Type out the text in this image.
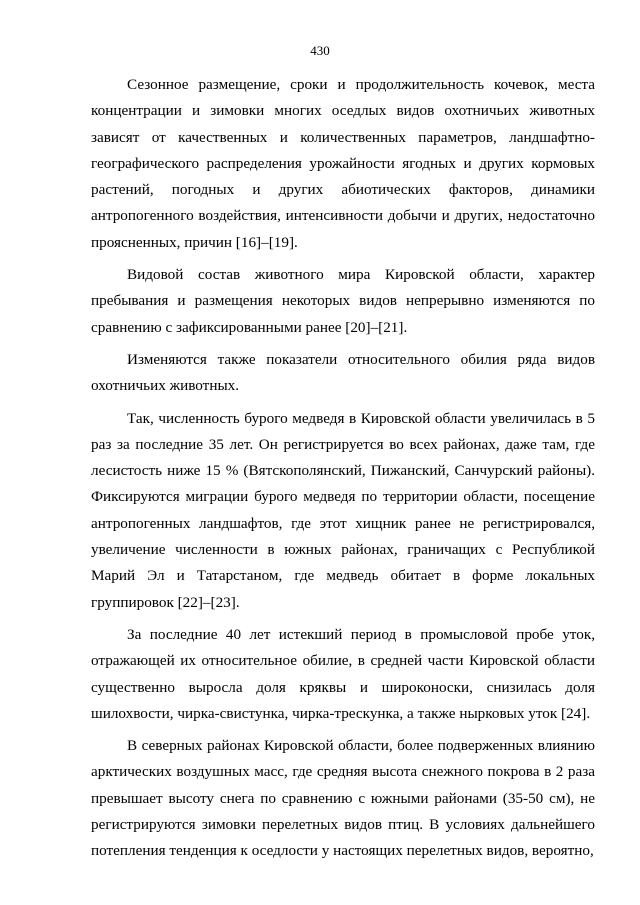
430

Сезонное размещение, сроки и продолжительность кочевок, места концентрации и зимовки многих оседлых видов охотничьих животных зависят от качественных и количественных параметров, ландшафтно-географического распределения урожайности ягодных и других кормовых растений, погодных и других абиотических факторов, динамики антропогенного воздействия, интенсивности добычи и других, недостаточно проясненных, причин [16]–[19].

Видовой состав животного мира Кировской области, характер пребывания и размещения некоторых видов непрерывно изменяются по сравнению с зафиксированными ранее [20]–[21].

Изменяются также показатели относительного обилия ряда видов охотничьих животных.

Так, численность бурого медведя в Кировской области увеличилась в 5 раз за последние 35 лет. Он регистрируется во всех районах, даже там, где лесистость ниже 15 % (Вятскополянский, Пижанский, Санчурский районы). Фиксируются миграции бурого медведя по территории области, посещение антропогенных ландшафтов, где этот хищник ранее не регистрировался, увеличение численности в южных районах, граничащих с Республикой Марий Эл и Татарстаном, где медведь обитает в форме локальных группировок [22]–[23].

За последние 40 лет истекший период в промысловой пробе уток, отражающей их относительное обилие, в средней части Кировской области существенно выросла доля кряквы и широконоски, снизилась доля шилохвости, чирка-свистунка, чирка-трескунка, а также нырковых уток [24].

В северных районах Кировской области, более подверженных влиянию арктических воздушных масс, где средняя высота снежного покрова в 2 раза превышает высоту снега по сравнению с южными районами (35-50 см), не регистрируются зимовки перелетных видов птиц. В условиях дальнейшего потепления тенденция к оседлости у настоящих перелетных видов, вероятно,
